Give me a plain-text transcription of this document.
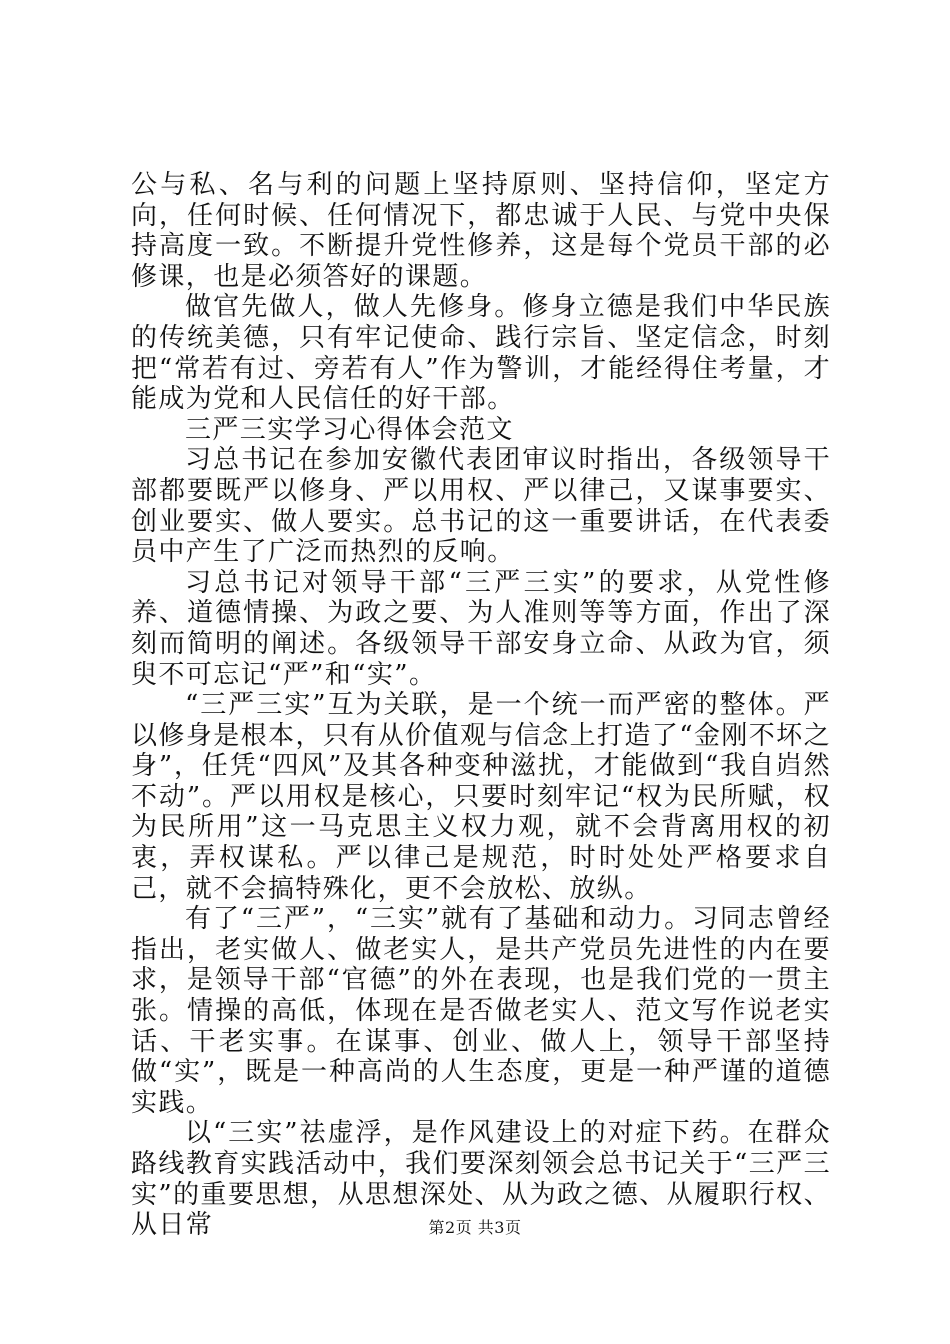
公与私、名与利的问题上坚持原则、坚持信仰，坚定方向，任何时候、任何情况下，都忠诚于人民、与党中央保持高度一致。不断提升党性修养，这是每个党员干部的必修课，也是必须答好的课题。

做官先做人，做人先修身。修身立德是我们中华民族的传统美德，只有牢记使命、践行宗旨、坚定信念，时刻把“常若有过、旁若有人”作为警训，才能经得住考量，才能成为党和人民信任的好干部。

三严三实学习心得体会范文

习总书记在参加安徽代表团审议时指出，各级领导干部都要既严以修身、严以用权、严以律己，又谋事要实、创业要实、做人要实。总书记的这一重要讲话，在代表委员中产生了广泛而热烈的反响。

习总书记对领导干部“三严三实”的要求，从党性修养、道德情操、为政之要、为人准则等等方面，作出了深刻而简明的阐述。各级领导干部安身立命、从政为官，须臾不可忘记“严”和“实”。

“三严三实”互为关联，是一个统一而严密的整体。严以修身是根本，只有从价值观与信念上打造了“金刚不坏之身”，任凭“四风”及其各种变种滋扰，才能做到“我自岿然不动”。严以用权是核心，只要时刻牢记“权为民所赋，权为民所用”这一马克思主义权力观，就不会背离用权的初衷，弄权谋私。严以律己是规范，时时处处严格要求自己，就不会搞特殊化，更不会放松、放纵。

有了“三严”，“三实”就有了基础和动力。习同志曾经指出，老实做人、做老实人，是共产党员先进性的内在要求，是领导干部“官德”的外在表现，也是我们党的一贯主张。情操的高低，体现在是否做老实人、范文写作说老实话、干老实事。在谋事、创业、做人上，领导干部坚持做“实”，既是一种高尚的人生态度，更是一种严谨的道德实践。

以“三实”祛虚浮，是作风建设上的对症下药。在群众路线教育实践活动中，我们要深刻领会总书记关于“三严三实”的重要思想，从思想深处、从为政之德、从履职行权、从日常	第2页 共3页
